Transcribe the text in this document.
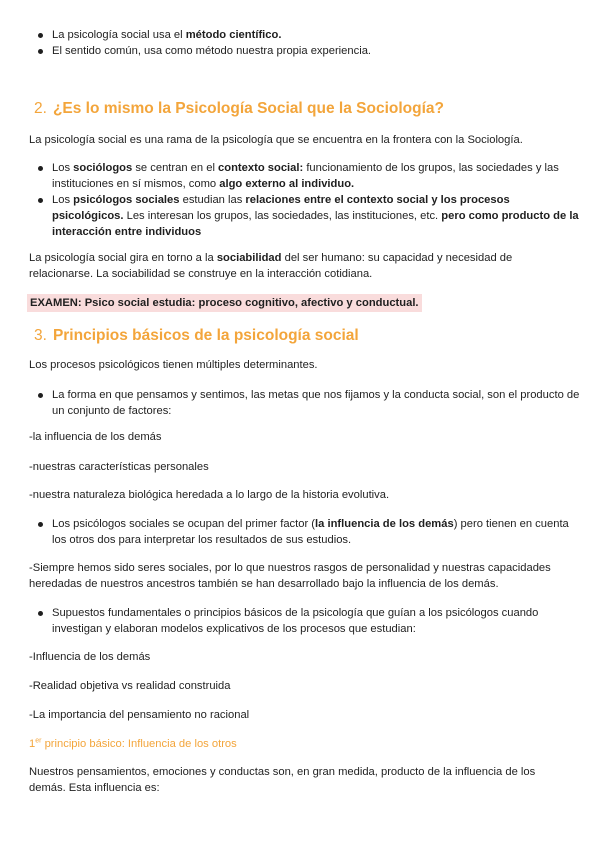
La psicología social usa el método científico.
El sentido común, usa como método nuestra propia experiencia.
2. ¿Es lo mismo la Psicología Social que la Sociología?

La psicología social es una rama de la psicología que se encuentra en la frontera con la Sociología.

Los sociólogos se centran en el contexto social: funcionamiento de los grupos, las sociedades y las instituciones en sí mismos, como algo externo al individuo.
Los psicólogos sociales estudian las relaciones entre el contexto social y los procesos psicológicos. Les interesan los grupos, las sociedades, las instituciones, etc. pero como producto de la interacción entre individuos

La psicología social gira en torno a la sociabilidad del ser humano: su capacidad y necesidad de relacionarse. La sociabilidad se construye en la interacción cotidiana.

EXAMEN: Psico social estudia: proceso cognitivo, afectivo y conductual.
3. Principios básicos de la psicología social

Los procesos psicológicos tienen múltiples determinantes.

La forma en que pensamos y sentimos, las metas que nos fijamos y la conducta social, son el producto de un conjunto de factores:

-la influencia de los demás

-nuestras características personales

-nuestra naturaleza biológica heredada a lo largo de la historia evolutiva.

Los psicólogos sociales se ocupan del primer factor (la influencia de los demás) pero tienen en cuenta los otros dos para interpretar los resultados de sus estudios.

-Siempre hemos sido seres sociales, por lo que nuestros rasgos de personalidad y nuestras capacidades heredadas de nuestros ancestros también se han desarrollado bajo la influencia de los demás.

Supuestos fundamentales o principios básicos de la psicología que guían a los psicólogos cuando investigan y elaboran modelos explicativos de los procesos que estudian:

-Influencia de los demás

-Realidad objetiva vs realidad construida

-La importancia del pensamiento no racional

1er principio básico: Influencia de los otros

Nuestros pensamientos, emociones y conductas son, en gran medida, producto de la influencia de los demás. Esta influencia es:
